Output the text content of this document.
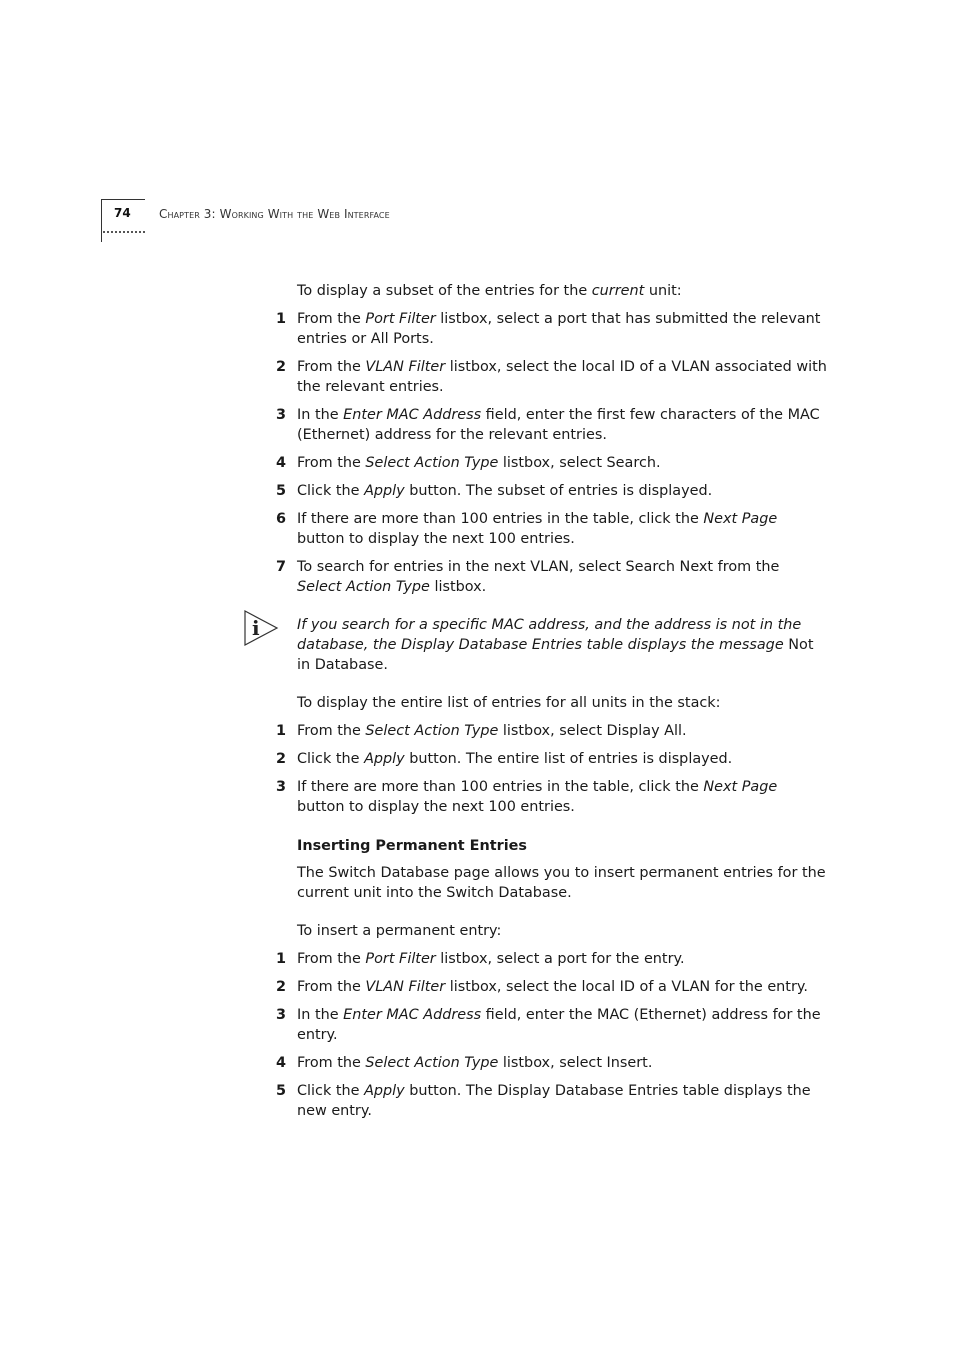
74 Chapter 3: Working With the Web Interface

To display a subset of the entries for the current unit:

1 From the Port Filter listbox, select a port that has submitted the relevant entries or All Ports.
2 From the VLAN Filter listbox, select the local ID of a VLAN associated with the relevant entries.
3 In the Enter MAC Address field, enter the first few characters of the MAC (Ethernet) address for the relevant entries.
4 From the Select Action Type listbox, select Search.
5 Click the Apply button. The subset of entries is displayed.
6 If there are more than 100 entries in the table, click the Next Page button to display the next 100 entries.
7 To search for entries in the next VLAN, select Search Next from the Select Action Type listbox.
i	If you search for a specific MAC address, and the address is not in the database, the Display Database Entries table displays the message Not in Database.

To display the entire list of entries for all units in the stack:

1 From the Select Action Type listbox, select Display All.
2 Click the Apply button. The entire list of entries is displayed.
3 If there are more than 100 entries in the table, click the Next Page button to display the next 100 entries.
Inserting Permanent Entries

The Switch Database page allows you to insert permanent entries for the current unit into the Switch Database.

To insert a permanent entry:

1 From the Port Filter listbox, select a port for the entry.
2 From the VLAN Filter listbox, select the local ID of a VLAN for the entry.
3 In the Enter MAC Address field, enter the MAC (Ethernet) address for the entry.
4 From the Select Action Type listbox, select Insert.
5 Click the Apply button. The Display Database Entries table displays the new entry.
